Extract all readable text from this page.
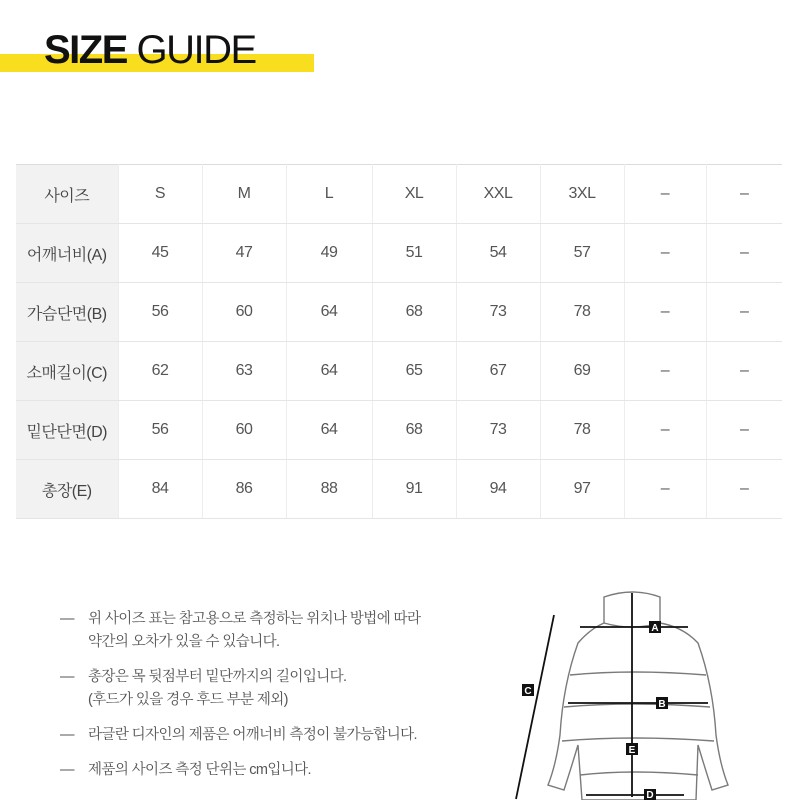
SIZE GUIDE
사이즈	S	M	L	XL	XXL	3XL	–	–
어깨너비(A)	45	47	49	51	54	57	–	–
가슴단면(B)	56	60	64	68	73	78	–	–
소매길이(C)	62	63	64	65	67	69	–	–
밑단단면(D)	56	60	64	68	73	78	–	–
총장(E)	84	86	88	91	94	97	–	–
— 위 사이즈 표는 참고용으로 측정하는 위치나 방법에 따라
약간의 오차가 있을 수 있습니다.
— 총장은 목 뒷점부터 밑단까지의 길이입니다.
(후드가 있을 경우 후드 부분 제외)
— 라글란 디자인의 제품은 어깨너비 측정이 불가능합니다.
— 제품의 사이즈 측정 단위는 cm입니다.
A
B
C
E
D
